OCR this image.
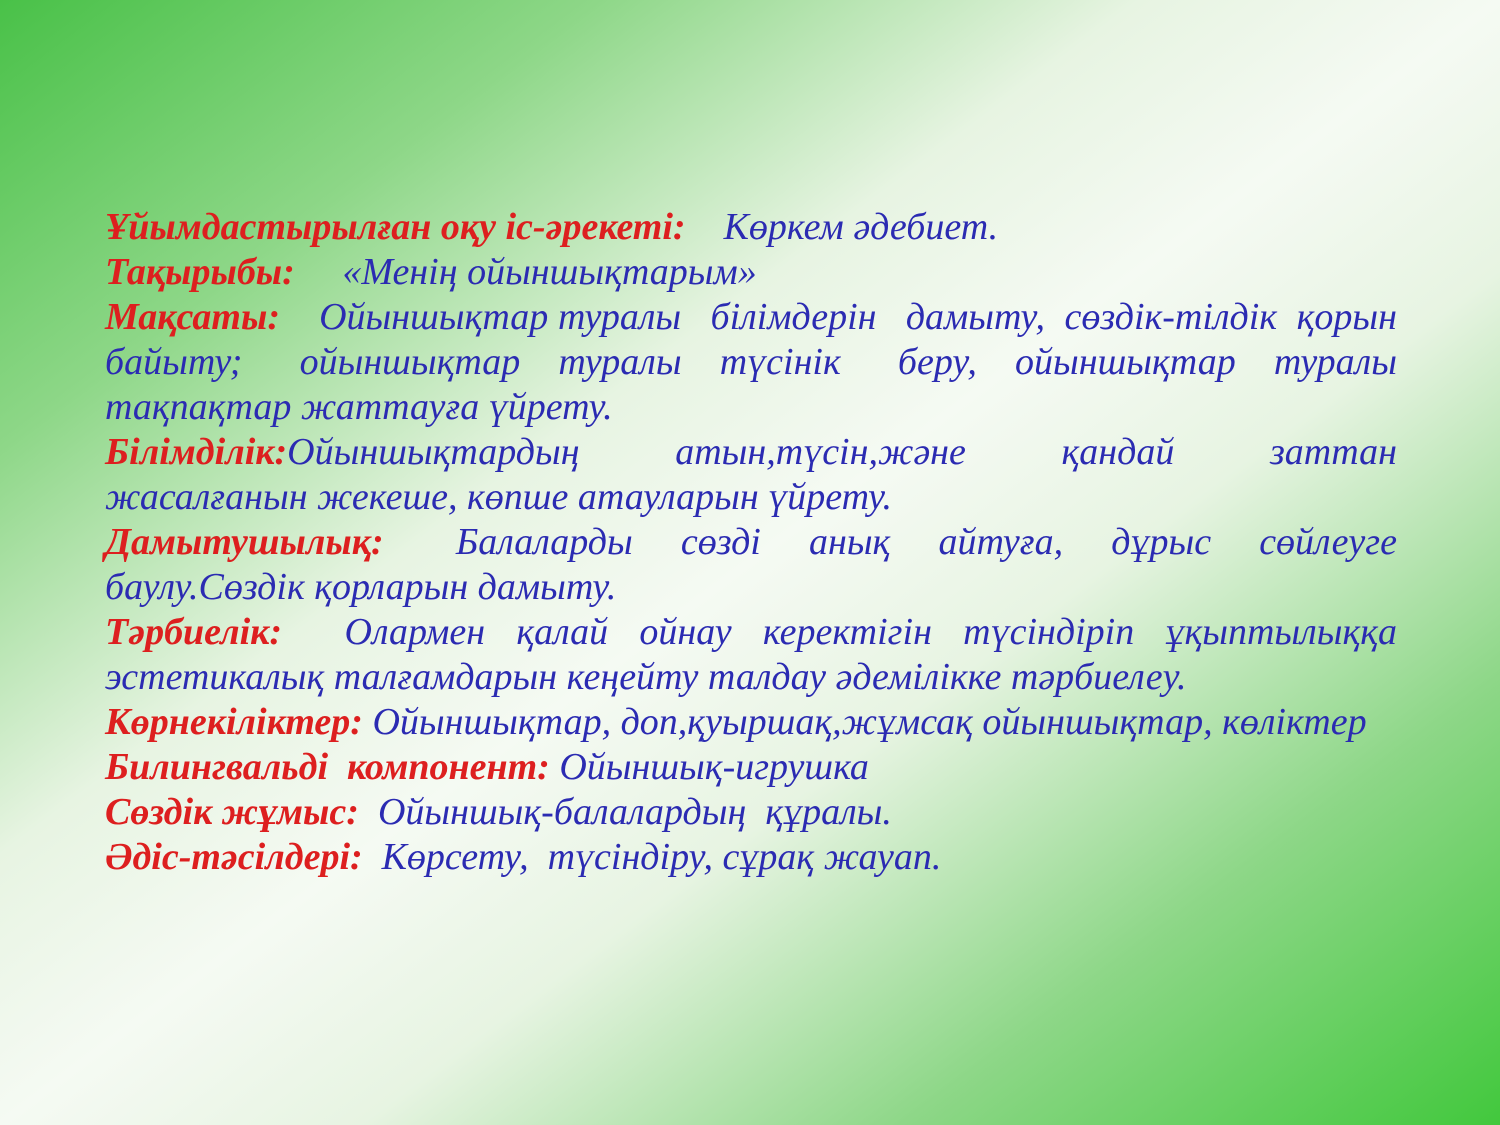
Ұйымдастырылған оқу іс-әрекеті:    Көркем әдебиет.

Тақырыбы:     «Менің ойыншықтарым»

Мақсаты:    Ойыншықтар туралы   білімдерін   дамыту,  сөздік-тілдік  қорын байыту;   ойыншықтар  туралы  түсінік   беру,  ойыншықтар  туралы  тақпақтар жаттауға үйрету.

Білімділік:Ойыншықтардың   атын,түсін,және   қандай   заттан   жасалғанын жекеше, көпше атауларын үйрету.

Дамытушылық:   Балаларды  сөзді  анық  айтуға,  дұрыс  сөйлеуге  баулу.Сөздік қорларын дамыту.

Тәрбиелік:      Олармен   қалай   ойнау   керектігін   түсіндіріп   ұқыптылыққа эстетикалық талғамдарын кеңейту талдау әдемілікке тәрбиелеу.

Көрнекіліктер: Ойыншықтар, доп,қуыршақ,жұмсақ ойыншықтар, көліктер

Билингвальді  компонент: Ойыншық-игрушка

Сөздік жұмыс:  Ойыншық-балалардың  құралы.

Әдіс-тәсілдері:  Көрсету,  түсіндіру, сұрақ жауап.
